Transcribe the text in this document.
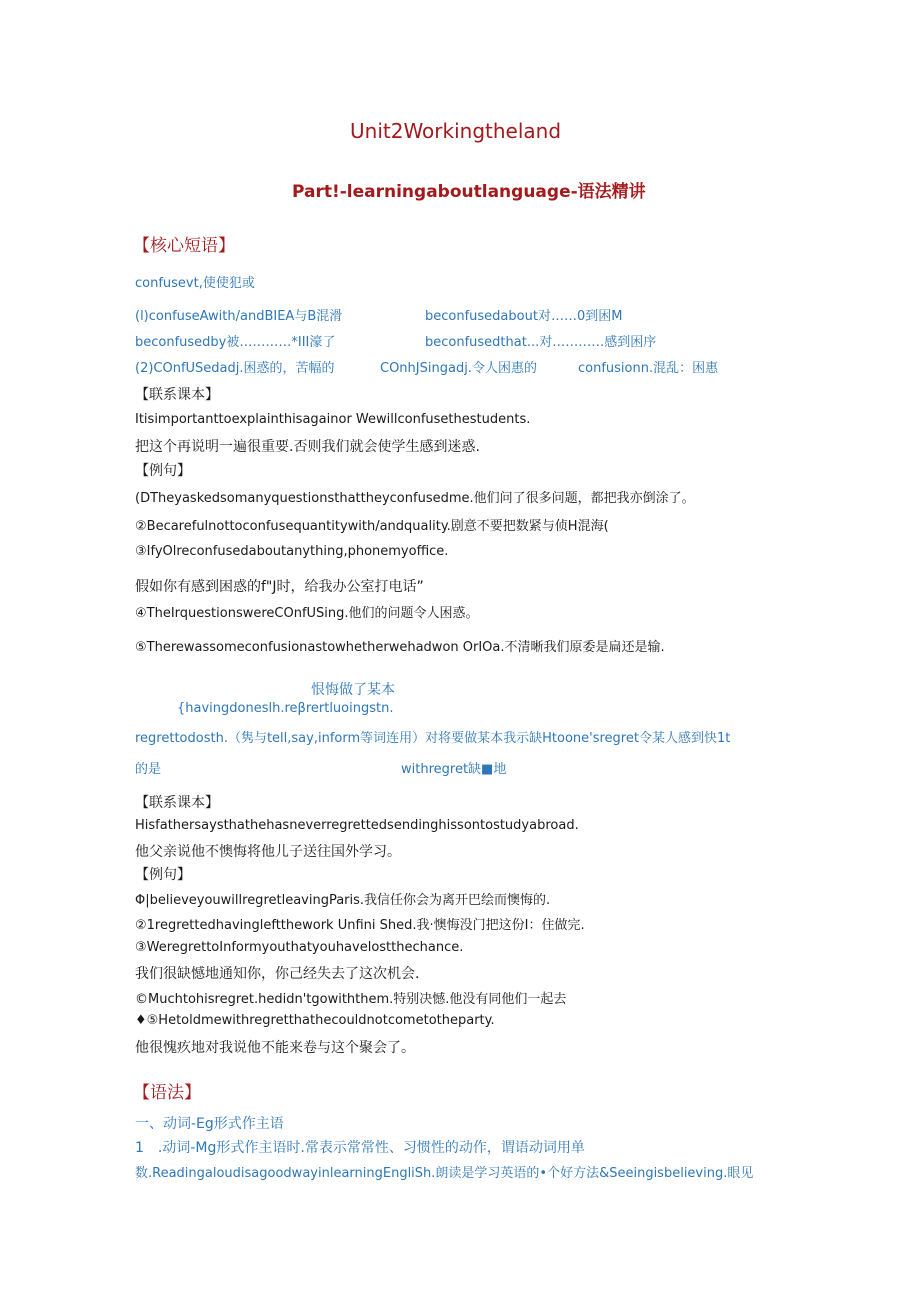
Unit2Workingtheland
Part!-learningaboutlanguage-语法精讲
【核心短语】
confusevt,使使犯或
(l)confuseAwith/andBIEA与B混滑	beconfusedabout对……0到困M
beconfusedby被…………*III濠了	beconfusedthat...对…………感到困序
(2)COnfUSedadj.困惑的，苦幅的	COnhJSingadj.令人困惠的	confusionn.混乱：困惠
【联系课本】
Itisimportanttoexplainthisagainor Wewillconfusethestudents.
把这个再说明一遍很重要.否则我们就会使学生感到迷惑.
【例句】
(DTheyaskedsomanyquestionsthattheyconfusedme.他们问了很多问题，都把我亦倒涂了。
②Becarefulnottoconfusequantitywith/andquality.剧意不要把数紧与侦H混海(
③IfyOlreconfusedaboutanything,phonemyoffice.
假如你有感到困惑的f"J时，给我办公室打电话”
④TheIrquestionswereCOnfUSing.他们的问题令人困惑。
⑤Therewassomeconfusionastowhetherwehadwon OrIOa.不清晰我们原委是扁还是输.
恨悔做了某本
{havingdoneslh.reβrertluoingstn.
regrettodosth.（隽与tell,say,inform等词连用）对将要做某本我示缺Htoone'sregret令某人感到快1t
的是	withregret缺■地
【联系课本】
Hisfathersaysthathehasneverregrettedsendinghissontostudyabroad.
他父亲说他不懊悔将他儿子送往国外学习。
【例句】
Φ|believeyouwillregretleavingParis.我信任你会为离开巴绘而懊悔的.
②1regrettedhavingleftthework Unfini Shed.我·懊悔没门把这份I：住做完.
③WeregrettoInformyouthatyouhavelostthechance.
我们很缺憾地通知你，你己经失去了这次机会.
©Muchtohisregret.hedidn'tgowiththem.特别决憾.他没有同他们一起去
♦⑤Hetoldmewithregretthathecouldnotcometotheparty.
他很愧疚地对我说他不能来卷与这个聚会了。
【语法】
一、动词-Eg形式作主语
1　.动词-Mg形式作主语时.常表示常常性、习惯性的动作，谓语动词用单
数.ReadingaloudisagoodwayinlearningEngliSh.朗读是学习英语的•个好方法&Seeingisbelieving.眼见
